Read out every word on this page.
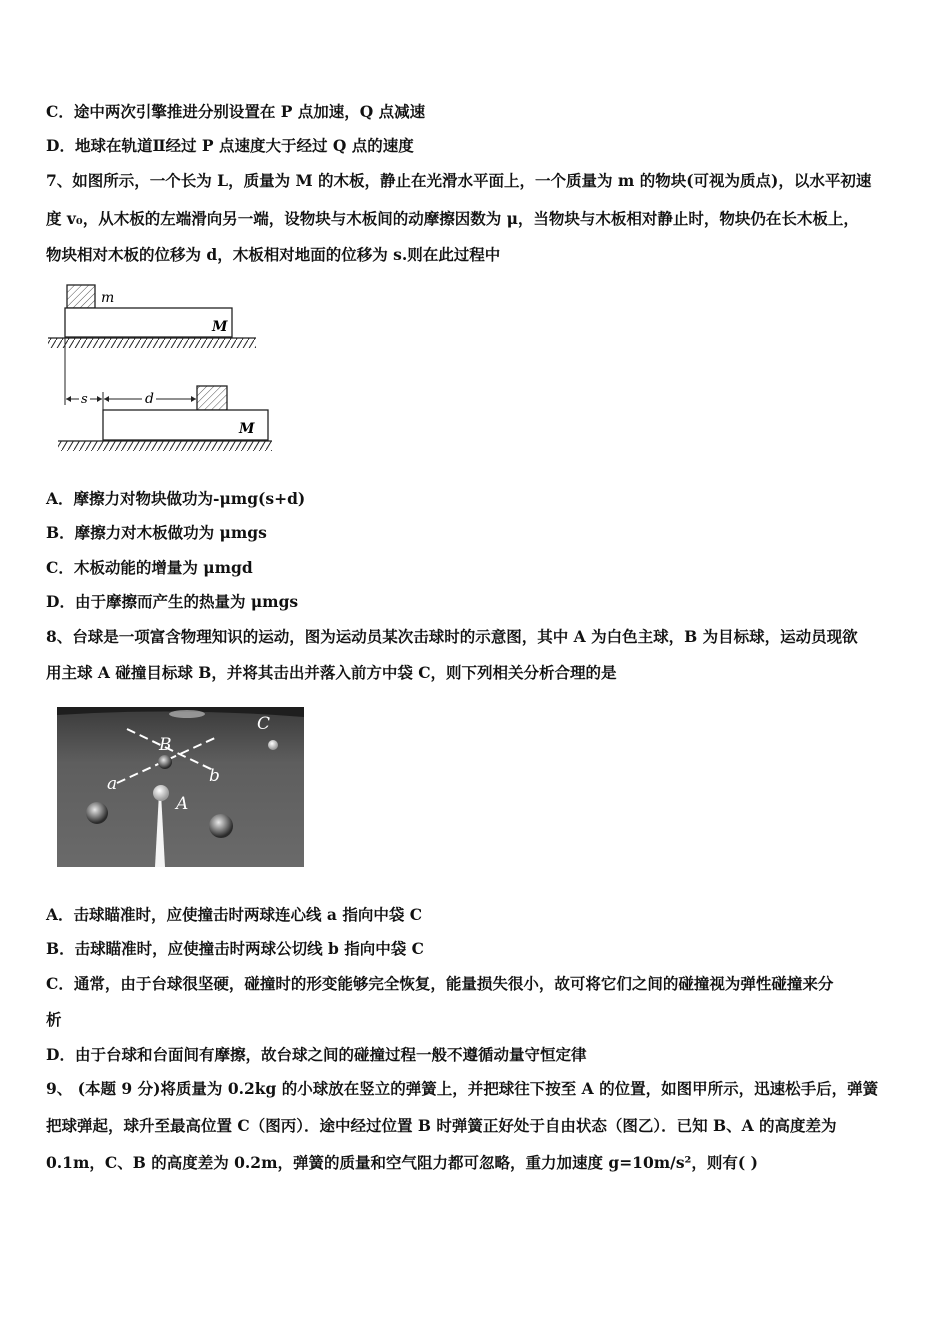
C．途中两次引擎推进分别设置在 P 点加速，Q 点减速
D．地球在轨道Ⅱ经过 P 点速度大于经过 Q 点的速度
7、如图所示，一个长为 L，质量为 M 的木板，静止在光滑水平面上，一个质量为 m 的物块(可视为质点)，以水平初速
度 v₀，从木板的左端滑向另一端，设物块与木板间的动摩擦因数为 μ，当物块与木板相对静止时，物块仍在长木板上，
物块相对木板的位移为 d，木板相对地面的位移为 s.则在此过程中
m
M
s	d
M
A．摩擦力对物块做功为-μmg(s+d)
B．摩擦力对木板做功为 μmgs
C．木板动能的增量为 μmgd
D．由于摩擦而产生的热量为 μmgs
8、台球是一项富含物理知识的运动，图为运动员某次击球时的示意图，其中 A 为白色主球，B 为目标球，运动员现欲
用主球 A 碰撞目标球 B，并将其击出并落入前方中袋 C，则下列相关分析合理的是
B
A
C
a	b
A．击球瞄准时，应使撞击时两球连心线 a 指向中袋 C
B．击球瞄准时，应使撞击时两球公切线 b 指向中袋 C
C．通常，由于台球很坚硬，碰撞时的形变能够完全恢复，能量损失很小，故可将它们之间的碰撞视为弹性碰撞来分
析
D．由于台球和台面间有摩擦，故台球之间的碰撞过程一般不遵循动量守恒定律
9、 (本题 9 分)将质量为 0.2kg 的小球放在竖立的弹簧上，并把球往下按至 A 的位置，如图甲所示，迅速松手后，弹簧
把球弹起，球升至最高位置 C（图丙）．途中经过位置 B 时弹簧正好处于自由状态（图乙）．已知 B、A 的高度差为
0.1m，C、B 的高度差为 0.2m，弹簧的质量和空气阻力都可忽略，重力加速度 g=10m/s²，则有( )
